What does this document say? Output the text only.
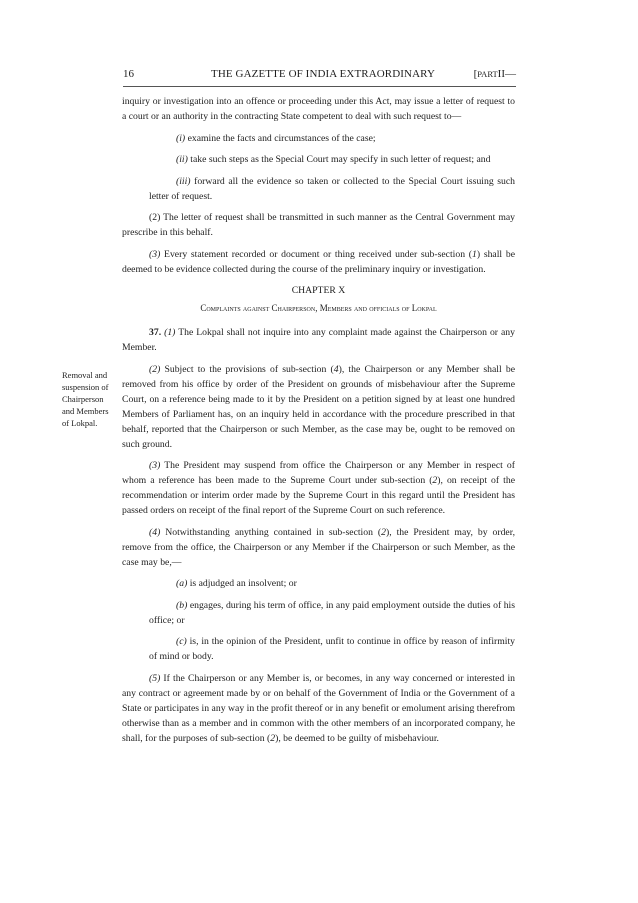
16	THE GAZETTE OF INDIA EXTRAORDINARY	[PARTII—
Removal and suspension of Chairperson and Members of Lokpal.

inquiry or investigation into an offence or proceeding under this Act, may issue a letter of request to a court or an authority in the contracting State competent to deal with such request to—

(i) examine the facts and circumstances of the case;

(ii) take such steps as the Special Court may specify in such letter of request; and

(iii) forward all the evidence so taken or collected to the Special Court issuing such letter of request.

(2) The letter of request shall be transmitted in such manner as the Central Government may prescribe in this behalf.

(3) Every statement recorded or document or thing received under sub-section (1) shall be deemed to be evidence collected during the course of the preliminary inquiry or investigation.

CHAPTER X
Complaints against Chairperson, Members and officials of Lokpal

37. (1) The Lokpal shall not inquire into any complaint made against the Chairperson or any Member.

(2) Subject to the provisions of sub-section (4), the Chairperson or any Member shall be removed from his office by order of the President on grounds of misbehaviour after the Supreme Court, on a reference being made to it by the President on a petition signed by at least one hundred Members of Parliament has, on an inquiry held in accordance with the procedure prescribed in that behalf, reported that the Chairperson or such Member, as the case may be, ought to be removed on such ground.

(3) The President may suspend from office the Chairperson or any Member in respect of whom a reference has been made to the Supreme Court under sub-section (2), on receipt of the recommendation or interim order made by the Supreme Court in this regard until the President has passed orders on receipt of the final report of the Supreme Court on such reference.

(4) Notwithstanding anything contained in sub-section (2), the President may, by order, remove from the office, the Chairperson or any Member if the Chairperson or such Member, as the case may be,—

(a) is adjudged an insolvent; or

(b) engages, during his term of office, in any paid employment outside the duties of his office; or

(c) is, in the opinion of the President, unfit to continue in office by reason of infirmity of mind or body.

(5) If the Chairperson or any Member is, or becomes, in any way concerned or interested in any contract or agreement made by or on behalf of the Government of India or the Government of a State or participates in any way in the profit thereof or in any benefit or emolument arising therefrom otherwise than as a member and in common with the other members of an incorporated company, he shall, for the purposes of sub-section (2), be deemed to be guilty of misbehaviour.
